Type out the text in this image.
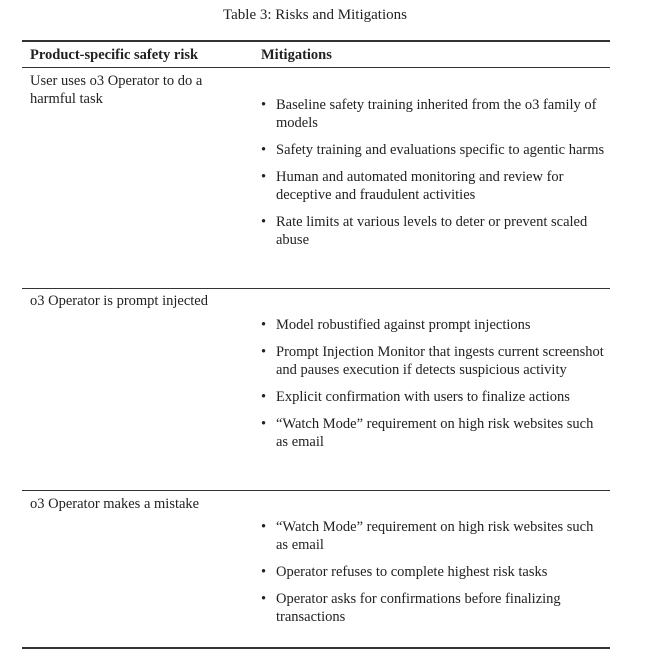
Table 3: Risks and Mitigations
Product-specific safety risk	Mitigations
User uses o3 Operator to do a harmful task	• Baseline safety training inherited from the o3 family of models
• Safety training and evaluations specific to agentic harms
• Human and automated monitoring and review for deceptive and fraudulent activities
• Rate limits at various levels to deter or prevent scaled abuse
o3 Operator is prompt injected
• Model robustified against prompt injections
• Prompt Injection Monitor that ingests current screenshot and pauses execution if detects suspicious activity
• Explicit confirmation with users to finalize actions
• “Watch Mode” requirement on high risk websites such as email
o3 Operator makes a mistake
• “Watch Mode” requirement on high risk websites such as email
• Operator refuses to complete highest risk tasks
• Operator asks for confirmations before finalizing transactions
